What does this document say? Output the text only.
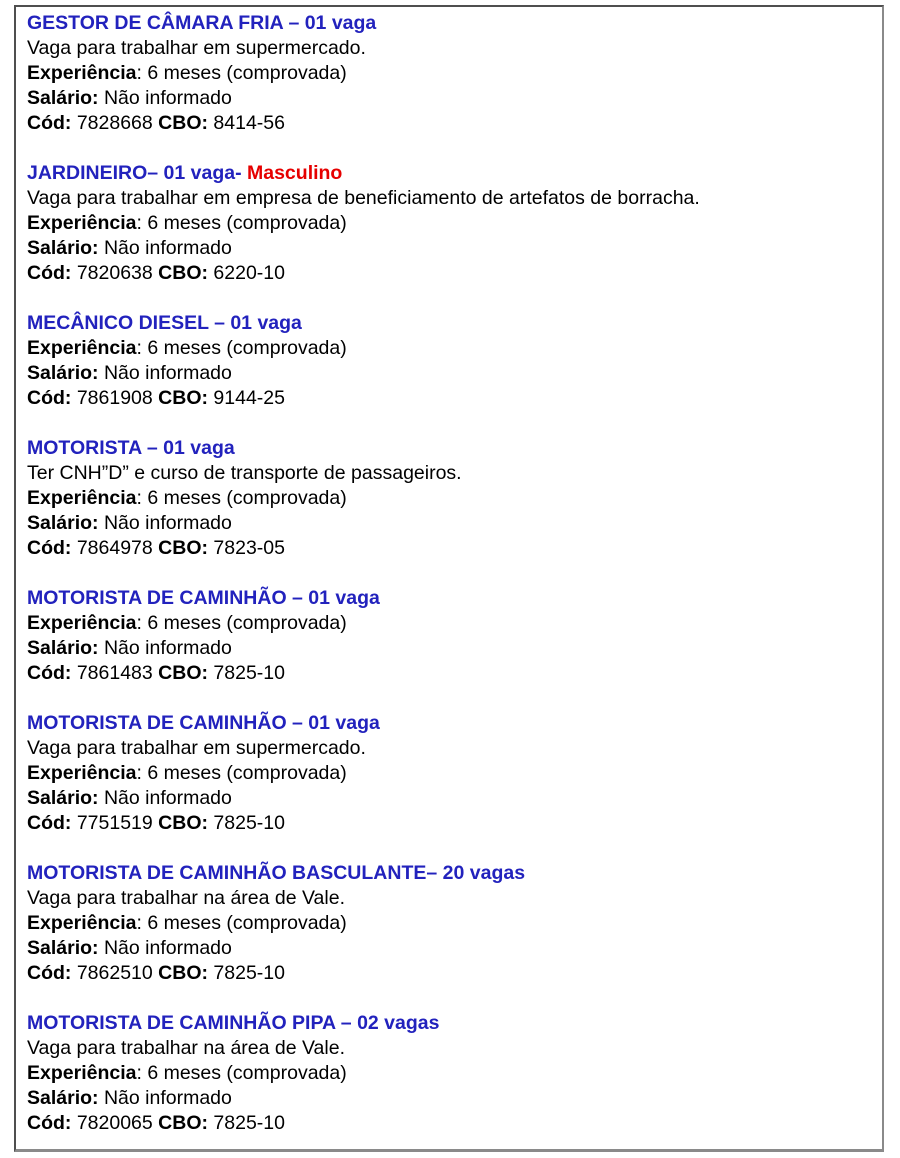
GESTOR DE CÂMARA FRIA – 01 vaga

Vaga para trabalhar em supermercado.

Experiência: 6 meses (comprovada)

Salário: Não informado

Cód: 7828668 CBO: 8414-56

JARDINEIRO– 01 vaga- Masculino

Vaga para trabalhar em empresa de beneficiamento de artefatos de borracha.

Experiência: 6 meses (comprovada)

Salário: Não informado

Cód: 7820638 CBO: 6220-10

MECÂNICO DIESEL – 01 vaga

Experiência: 6 meses (comprovada)

Salário: Não informado

Cód: 7861908 CBO: 9144-25

MOTORISTA – 01 vaga

Ter CNH”D” e curso de transporte de passageiros.

Experiência: 6 meses (comprovada)

Salário: Não informado

Cód: 7864978 CBO: 7823-05

MOTORISTA DE CAMINHÃO – 01 vaga

Experiência: 6 meses (comprovada)

Salário: Não informado

Cód: 7861483 CBO: 7825-10

MOTORISTA DE CAMINHÃO – 01 vaga

Vaga para trabalhar em supermercado.

Experiência: 6 meses (comprovada)

Salário: Não informado

Cód: 7751519 CBO: 7825-10

MOTORISTA DE CAMINHÃO BASCULANTE– 20 vagas

Vaga para trabalhar na área de Vale.

Experiência: 6 meses (comprovada)

Salário: Não informado

Cód: 7862510 CBO: 7825-10

MOTORISTA DE CAMINHÃO PIPA – 02 vagas

Vaga para trabalhar na área de Vale.

Experiência: 6 meses (comprovada)

Salário: Não informado

Cód: 7820065 CBO: 7825-10
